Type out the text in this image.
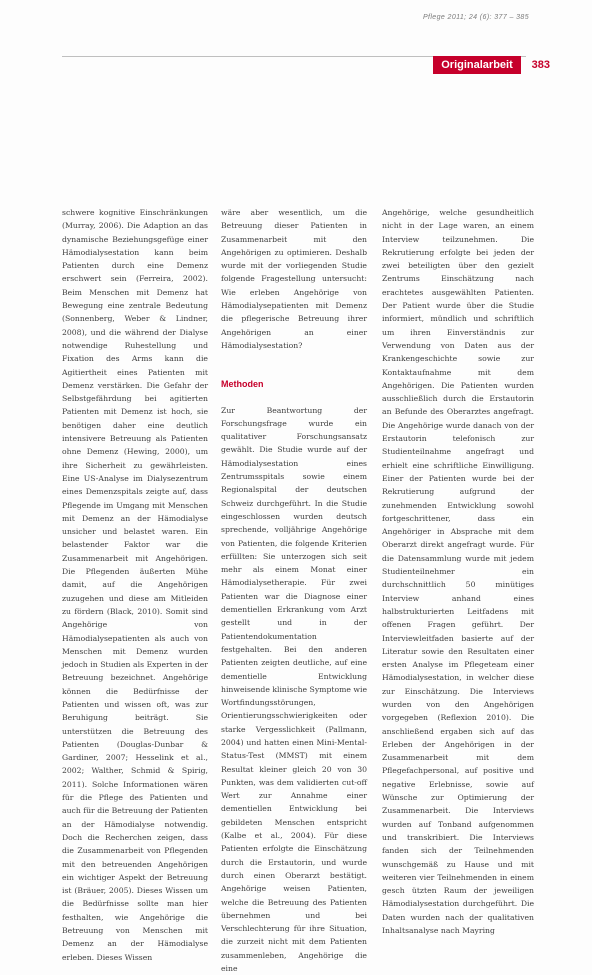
Pflege 2011; 24 (6): 377 – 385
Originalarbeit	383

schwere kognitive Einschränkungen (Murray, 2006). Die Adaption an das dynamische Beziehungsgefüge einer Hämodialysestation kann beim Patienten durch eine Demenz erschwert sein (Ferreira, 2002). Beim Menschen mit Demenz hat Bewegung eine zentrale Bedeutung (Sonnenberg, Weber & Lindner, 2008), und die während der Dialyse notwendige Ruhestellung und Fixation des Arms kann die Agitiertheit eines Patienten mit Demenz verstärken. Die Gefahr der Selbstgefährdung bei agitierten Patienten mit Demenz ist hoch, sie benötigen daher eine deutlich intensivere Betreuung als Patienten ohne Demenz (Hewing, 2000), um ihre Sicherheit zu gewährleisten. Eine US-Analyse im Dialysezentrum eines Demenzspitals zeigte auf, dass Pflegende im Umgang mit Menschen mit Demenz an der Hämodialyse unsicher und belastet waren. Ein belastender Faktor war die Zusammenarbeit mit Angehörigen. Die Pflegenden äußerten Mühe damit, auf die Angehörigen zuzugehen und diese am Mitleiden zu fördern (Black, 2010). Somit sind Angehörige von Hämodialysepatienten als auch von Menschen mit Demenz wurden jedoch in Studien als Experten in der Betreuung bezeichnet. Angehörige können die Bedürfnisse der Patienten und wissen oft, was zur Beruhigung beiträgt. Sie unterstützen die Betreuung des Patienten (Douglas-Dunbar & Gardiner, 2007; Hesselink et al., 2002; Walther, Schmid & Spirig, 2011). Solche Informationen wären für die Pflege des Patienten und auch für die Betreuung der Patienten an der Hämodialyse notwendig. Doch die Recherchen zeigen, dass die Zusammenarbeit von Pflegenden mit den betreuenden Angehörigen ein wichtiger Aspekt der Betreuung ist (Bräuer, 2005). Dieses Wissen um die Bedürfnisse sollte man hier festhalten, wie Angehörige die Betreuung von Menschen mit Demenz an der Hämodialyse erleben. Dieses Wissen

wäre aber wesentlich, um die Betreuung dieser Patienten in Zusammenarbeit mit den Angehörigen zu optimieren. Deshalb wurde mit der vorliegenden Studie folgende Fragestellung untersucht: Wie erleben Angehörige von Hämodialysepatienten mit Demenz die pflegerische Betreuung ihrer Angehörigen an einer Hämodialysestation?

Methoden

Zur Beantwortung der Forschungsfrage wurde ein qualitativer Forschungsansatz gewählt. Die Studie wurde auf der Hämodialysestation eines Zentrumsspitals sowie einem Regionalspital der deutschen Schweiz durchgeführt. In die Studie eingeschlossen wurden deutsch sprechende, volljährige Angehörige von Patienten, die folgende Kriterien erfüllten: Sie unterzogen sich seit mehr als einem Monat einer Hämodialysetherapie. Für zwei Patienten war die Diagnose einer dementiellen Erkrankung vom Arzt gestellt und in der Patientendokumentation festgehalten. Bei den anderen Patienten zeigten deutliche, auf eine dementielle Entwicklung hinweisende klinische Symptome wie Wortfindungsstörungen, Orientierungsschwierigkeiten oder starke Vergesslichkeit (Pallmann, 2004) und hatten einen Mini-Mental-Status-Test (MMST) mit einem Resultat kleiner gleich 20 von 30 Punkten, was dem validierten cut-off Wert zur Annahme einer dementiellen Entwicklung bei gebildeten Menschen entspricht (Kalbe et al., 2004). Für diese Patienten erfolgte die Einschätzung durch die Erstautorin, und wurde durch einen Oberarzt bestätigt. Angehörige weisen Patienten, welche die Betreuung des Patienten übernehmen und bei Verschlechterung für ihre Situation, die zurzeit nicht mit dem Patienten zusammenleben, Angehörige die eine

Angehörige, welche gesundheitlich nicht in der Lage waren, an einem Interview teilzunehmen. Die Rekrutierung erfolgte bei jeden der zwei beteiligten über den gezielt Zentrums Einschätzung nach erachtetes ausgewählten Patienten. Der Patient wurde über die Studie informiert, mündlich und schriftlich um ihren Einverständnis zur Verwendung von Daten aus der Krankengeschichte sowie zur Kontaktaufnahme mit dem Angehörigen. Die Patienten wurden ausschließlich durch die Erstautorin an Befunde des Oberarztes angefragt. Die Angehörige wurde danach von der Erstautorin telefonisch zur Studienteilnahme angefragt und erhielt eine schriftliche Einwilligung. Einer der Patienten wurde bei der Rekrutierung aufgrund der zunehmenden Entwicklung sowohl fortgeschrittener, dass ein Angehöriger in Absprache mit dem Oberarzt direkt angefragt wurde. Für die Datensammlung wurde mit jedem Studienteilnehmer ein durchschnittlich 50 minütiges Interview anhand eines halbstrukturierten Leitfadens mit offenen Fragen geführt. Der Interviewleitfaden basierte auf der Literatur sowie den Resultaten einer ersten Analyse im Pflegeteam einer Hämodialysestation, in welcher diese zur Einschätzung. Die Interviews wurden von den Angehörigen vorgegeben (Reflexion 2010). Die anschließend ergaben sich auf das Erleben der Angehörigen in der Zusammenarbeit mit dem Pflegefachpersonal, auf positive und negative Erlebnisse, sowie auf Wünsche zur Optimierung der Zusammenarbeit. Die Interviews wurden auf Tonband aufgenommen und transkribiert. Die Interviews fanden sich der Teilnehmenden wunschgemäß zu Hause und mit weiteren vier Teilnehmenden in einem gesch ützten Raum der jeweiligen Hämodialysestation durchgeführt. Die Daten wurden nach der qualitativen Inhaltsanalyse nach Mayring
